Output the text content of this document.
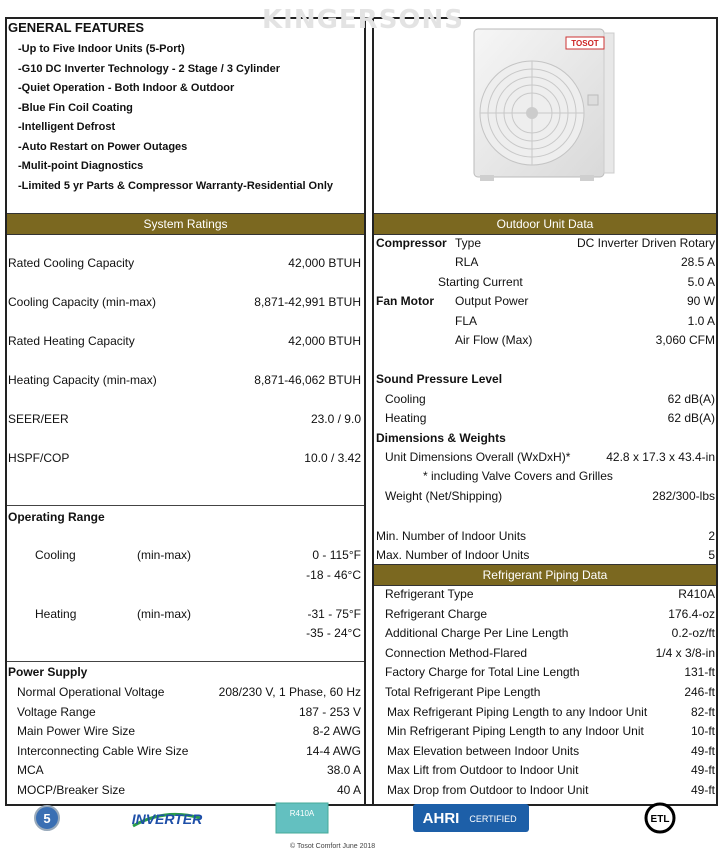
KINGERSONS
GENERAL FEATURES
-Up to Five Indoor Units (5-Port)
-G10 DC Inverter Technology - 2 Stage / 3 Cylinder
-Quiet Operation - Both Indoor & Outdoor
-Blue Fin Coil Coating
-Intelligent Defrost
-Auto Restart on Power Outages
-Mulit-point Diagnostics
-Limited 5 yr Parts & Compressor Warranty-Residential Only
TOSOT
System Ratings	Outdoor Unit Data
Rated Cooling Capacity	42,000 BTUH
Cooling Capacity (min-max)	8,871-42,991 BTUH
Rated Heating Capacity	42,000 BTUH
Heating Capacity (min-max)	8,871-46,062 BTUH
SEER/EER	23.0 / 9.0
HSPF/COP	10.0 / 3.42
Operating Range
Cooling	(min-max)	0 - 115°F
-18 - 46°C
Heating	(min-max)	-31 - 75°F
-35 - 24°C
Power Supply
Normal Operational Voltage	208/230 V, 1 Phase, 60 Hz
Voltage Range	187 - 253 V
Main Power Wire Size	8-2 AWG
Interconnecting Cable Wire Size	14-4 AWG
MCA	38.0 A
MOCP/Breaker Size	40 A
Compressor Type	DC Inverter Driven Rotary
RLA	28.5 A
Starting Current	5.0 A
Fan Motor Output Power	90 W
FLA	1.0 A
Air Flow (Max)	3,060 CFM
Sound Pressure Level
Cooling	62 dB(A)
Heating	62 dB(A)
Dimensions & Weights
Unit Dimensions Overall (WxDxH)*	42.8 x 17.3 x 43.4-in
* including Valve Covers and Grilles
Weight (Net/Shipping)	282/300-lbs
Min. Number of Indoor Units	2
Max. Number of Indoor Units	5
Refrigerant Piping Data
Refrigerant Type	R410A
Refrigerant Charge	176.4-oz
Additional Charge Per Line Length	0.2-oz/ft
Connection Method-Flared	1/4 x 3/8-in
Factory Charge for Total Line Length	131-ft
Total Refrigerant Pipe Length	246-ft
Max Refrigerant Piping Length to any Indoor Unit	82-ft
Min Refrigerant Piping Length to any Indoor Unit	10-ft
Max Elevation between Indoor Units	49-ft
Max Lift from Outdoor to Indoor Unit	49-ft
Max Drop from Outdoor to Indoor Unit	49-ft
5	INVERTER	R410A	AHRI CERTIFIED	ETL
© Tosot Comfort June 2018
